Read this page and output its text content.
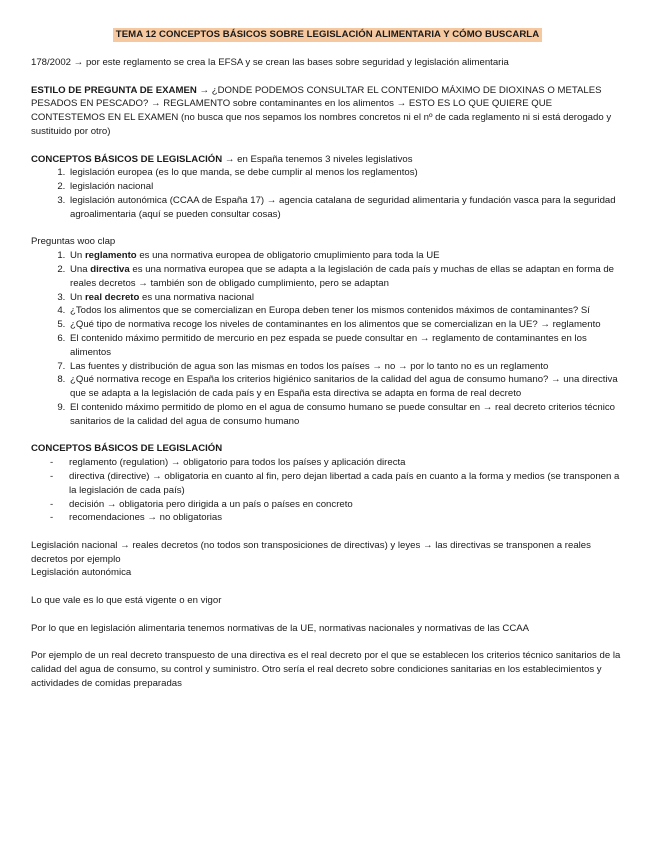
TEMA 12 CONCEPTOS BÁSICOS SOBRE LEGISLACIÓN ALIMENTARIA Y CÓMO BUSCARLA

178/2002 → por este reglamento se crea la EFSA y se crean las bases sobre seguridad y legislación alimentaria

ESTILO DE PREGUNTA DE EXAMEN → ¿DONDE PODEMOS CONSULTAR EL CONTENIDO MÁXIMO DE DIOXINAS O METALES PESADOS EN PESCADO? → REGLAMENTO sobre contaminantes en los alimentos → ESTO ES LO QUE QUIERE QUE CONTESTEMOS EN EL EXAMEN (no busca que nos sepamos los nombres concretos ni el nº de cada reglamento ni si está derogado y sustituido por otro)

CONCEPTOS BÁSICOS DE LEGISLACIÓN → en España tenemos 3 niveles legislativos

1. legislación europea (es lo que manda, se debe cumplir al menos los reglamentos)
2. legislación nacional
3. legislación autonómica (CCAA de España 17) → agencia catalana de seguridad alimentaria y fundación vasca para la seguridad agroalimentaria (aquí se pueden consultar cosas)

Preguntas woo clap

1. Un reglamento es una normativa europea de obligatorio cmuplimiento para toda la UE
2. Una directiva es una normativa europea que se adapta a la legislación de cada país y muchas de ellas se adaptan en forma de reales decretos → también son de obligado cumplimiento, pero se adaptan
3. Un real decreto es una normativa nacional
4. ¿Todos los alimentos que se comercializan en Europa deben tener los mismos contenidos máximos de contaminantes? Sí
5. ¿Qué tipo de normativa recoge los niveles de contaminantes en los alimentos que se comercializan en la UE? → reglamento
6. El contenido máximo permitido de mercurio en pez espada se puede consultar en → reglamento de contaminantes en los alimentos
7. Las fuentes y distribución de agua son las mismas en todos los países → no → por lo tanto no es un reglamento
8. ¿Qué normativa recoge en España los criterios higiénico sanitarios de la calidad del agua de consumo humano? → una directiva que se adapta a la legislación de cada país y en España esta directiva se adapta en forma de real decreto
9. El contenido máximo permitido de plomo en el agua de consumo humano se puede consultar en → real decreto criterios técnico sanitarios de la calidad del agua de consumo humano

CONCEPTOS BÁSICOS DE LEGISLACIÓN

- reglamento (regulation) → obligatorio para todos los países y aplicación directa
- directiva (directive) → obligatoria en cuanto al fin, pero dejan libertad a cada país en cuanto a la forma y medios (se transponen a la legislación de cada país)
- decisión → obligatoria pero dirigida a un país o países en concreto
- recomendaciones → no obligatorias

Legislación nacional → reales decretos (no todos son transposiciones de directivas) y leyes → las directivas se transponen a reales decretos por ejemplo

Legislación autonómica

Lo que vale es lo que está vigente o en vigor

Por lo que en legislación alimentaria tenemos normativas de la UE, normativas nacionales y normativas de las CCAA

Por ejemplo de un real decreto transpuesto de una directiva es el real decreto por el que se establecen los criterios técnico sanitarios de la calidad del agua de consumo, su control y suministro. Otro sería el real decreto sobre condiciones sanitarias en los establecimientos y actividades de comidas preparadas
